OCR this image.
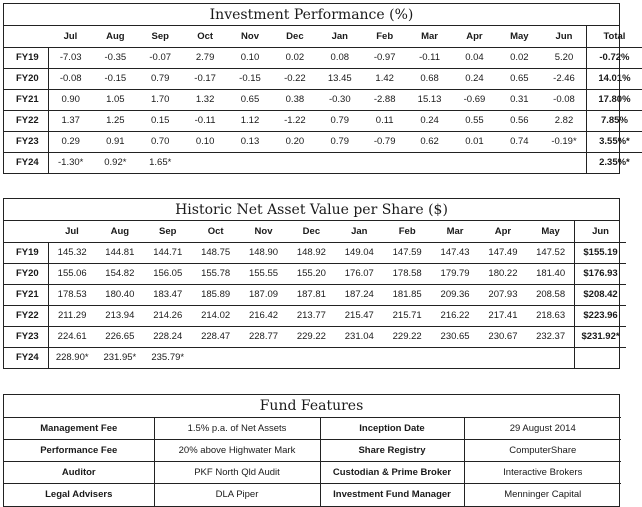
Investment Performance (%)
	Jul	Aug	Sep	Oct	Nov	Dec	Jan	Feb	Mar	Apr	May	Jun	Total
FY19	-7.03	-0.35	-0.07	2.79	0.10	0.02	0.08	-0.97	-0.11	0.04	0.02	5.20	-0.72%
FY20	-0.08	-0.15	0.79	-0.17	-0.15	-0.22	13.45	1.42	0.68	0.24	0.65	-2.46	14.01%
FY21	0.90	1.05	1.70	1.32	0.65	0.38	-0.30	-2.88	15.13	-0.69	0.31	-0.08	17.80%
FY22	1.37	1.25	0.15	-0.11	1.12	-1.22	0.79	0.11	0.24	0.55	0.56	2.82	7.85%
FY23	0.29	0.91	0.70	0.10	0.13	0.20	0.79	-0.79	0.62	0.01	0.74	-0.19*	3.55%*
FY24	-1.30*	0.92*	1.65*										2.35%*
Historic Net Asset Value per Share ($)
	Jul	Aug	Sep	Oct	Nov	Dec	Jan	Feb	Mar	Apr	May	Jun
FY19	145.32	144.81	144.71	148.75	148.90	148.92	149.04	147.59	147.43	147.49	147.52	$155.19
FY20	155.06	154.82	156.05	155.78	155.55	155.20	176.07	178.58	179.79	180.22	181.40	$176.93
FY21	178.53	180.40	183.47	185.89	187.09	187.81	187.24	181.85	209.36	207.93	208.58	$208.42
FY22	211.29	213.94	214.26	214.02	216.42	213.77	215.47	215.71	216.22	217.41	218.63	$223.96
FY23	224.61	226.65	228.24	228.47	228.77	229.22	231.04	229.22	230.65	230.67	232.37	$231.92*
FY24	228.90*	231.95*	235.79*									
Fund Features
Management Fee	1.5% p.a. of Net Assets	Inception Date	29 August 2014
Performance Fee	20% above Highwater Mark	Share Registry	ComputerShare
Auditor	PKF North Qld Audit	Custodian & Prime Broker	Interactive Brokers
Legal Advisers	DLA Piper	Investment Fund Manager	Menninger Capital
